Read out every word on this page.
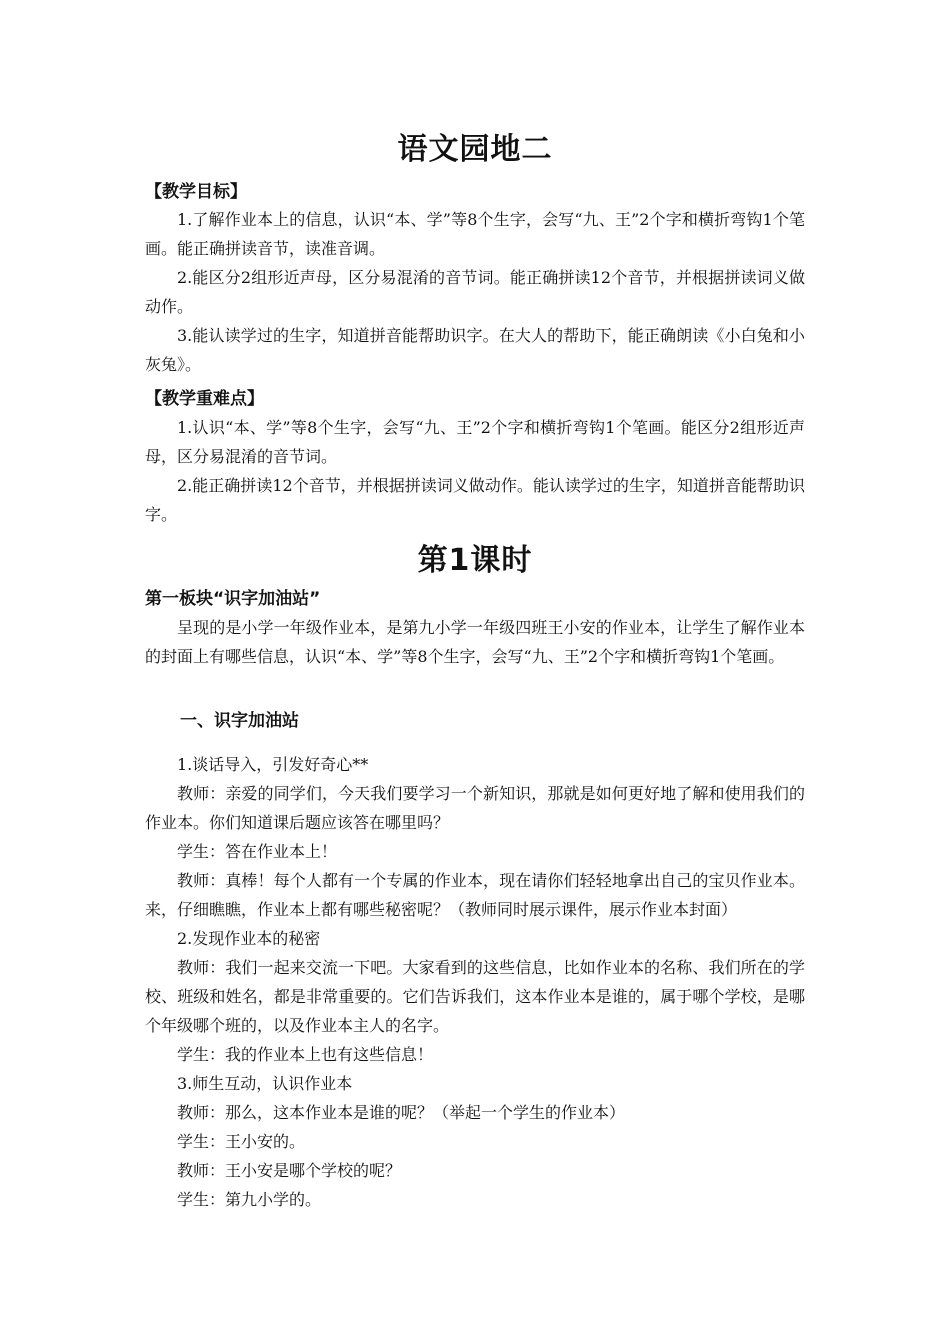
语文园地二
【教学目标】

1.了解作业本上的信息，认识“本、学”等8个生字，会写“九、王”2个字和横折弯钩1个笔画。能正确拼读音节，读准音调。

2.能区分2组形近声母，区分易混淆的音节词。能正确拼读12个音节，并根据拼读词义做动作。

3.能认读学过的生字，知道拼音能帮助识字。在大人的帮助下，能正确朗读《小白兔和小灰兔》。

【教学重难点】

1.认识“本、学”等8个生字，会写“九、王”2个字和横折弯钩1个笔画。能区分2组形近声母，区分易混淆的音节词。

2.能正确拼读12个音节，并根据拼读词义做动作。能认读学过的生字，知道拼音能帮助识字。

第1课时
第一板块“识字加油站”

呈现的是小学一年级作业本，是第九小学一年级四班王小安的作业本，让学生了解作业本的封面上有哪些信息，认识“本、学”等8个生字，会写“九、王”2个字和横折弯钩1个笔画。

一、识字加油站
1.谈话导入，引发好奇心**

教师：亲爱的同学们，今天我们要学习一个新知识，那就是如何更好地了解和使用我们的作业本。你们知道课后题应该答在哪里吗？

学生：答在作业本上！

教师：真棒！每个人都有一个专属的作业本，现在请你们轻轻地拿出自己的宝贝作业本。来，仔细瞧瞧，作业本上都有哪些秘密呢？（教师同时展示课件，展示作业本封面）

2.发现作业本的秘密

教师：我们一起来交流一下吧。大家看到的这些信息，比如作业本的名称、我们所在的学校、班级和姓名，都是非常重要的。它们告诉我们，这本作业本是谁的，属于哪个学校，是哪个年级哪个班的，以及作业本主人的名字。

学生：我的作业本上也有这些信息！
3.师生互动，认识作业本
教师：那么，这本作业本是谁的呢？（举起一个学生的作业本）
学生：王小安的。
教师：王小安是哪个学校的呢？
学生：第九小学的。
